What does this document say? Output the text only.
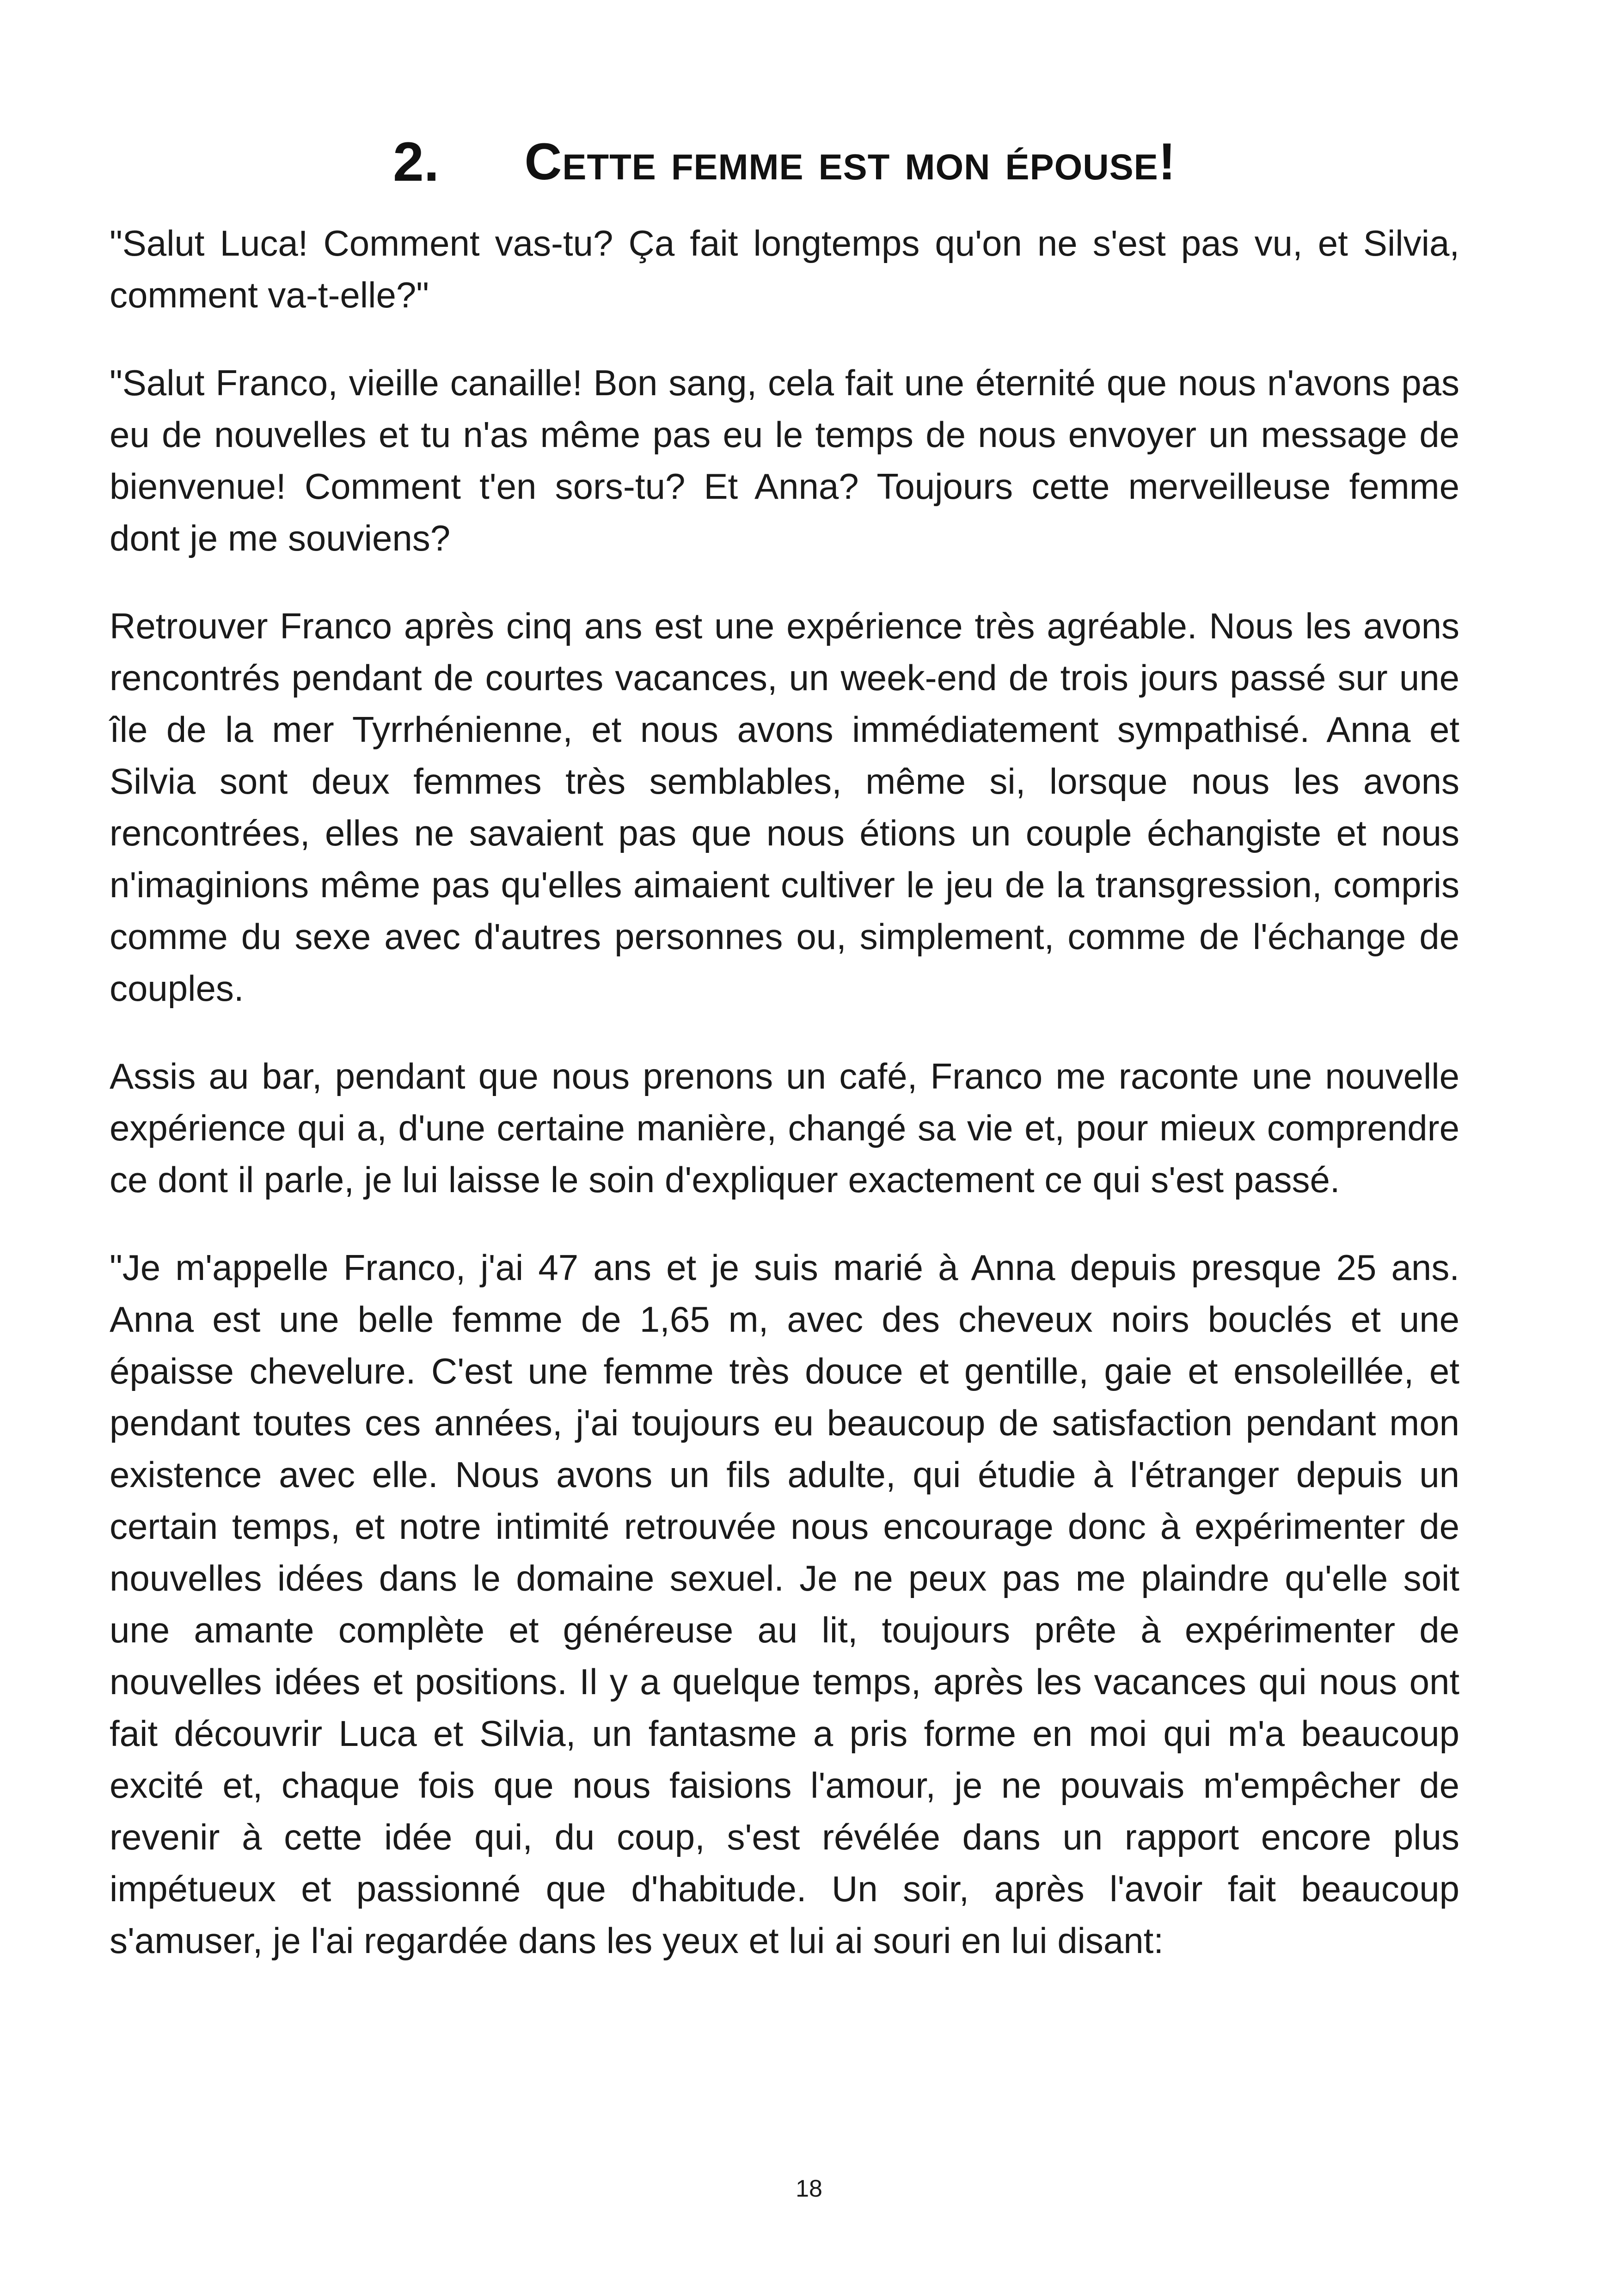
2. Cette femme est mon épouse!

"Salut Luca! Comment vas-tu? Ça fait longtemps qu'on ne s'est pas vu, et Silvia, comment va-t-elle?"

"Salut Franco, vieille canaille! Bon sang, cela fait une éternité que nous n'avons pas eu de nouvelles et tu n'as même pas eu le temps de nous envoyer un message de bienvenue! Comment t'en sors-tu? Et Anna? Toujours cette merveilleuse femme dont je me souviens?

Retrouver Franco après cinq ans est une expérience très agréable. Nous les avons rencontrés pendant de courtes vacances, un week-end de trois jours passé sur une île de la mer Tyrrhénienne, et nous avons immédiatement sympathisé. Anna et Silvia sont deux femmes très semblables, même si, lorsque nous les avons rencontrées, elles ne savaient pas que nous étions un couple échangiste et nous n'imaginions même pas qu'elles aimaient cultiver le jeu de la transgression, compris comme du sexe avec d'autres personnes ou, simplement, comme de l'échange de couples.

Assis au bar, pendant que nous prenons un café, Franco me raconte une nouvelle expérience qui a, d'une certaine manière, changé sa vie et, pour mieux comprendre ce dont il parle, je lui laisse le soin d'expliquer exactement ce qui s'est passé.

"Je m'appelle Franco, j'ai 47 ans et je suis marié à Anna depuis presque 25 ans. Anna est une belle femme de 1,65 m, avec des cheveux noirs bouclés et une épaisse chevelure. C'est une femme très douce et gentille, gaie et ensoleillée, et pendant toutes ces années, j'ai toujours eu beaucoup de satisfaction pendant mon existence avec elle. Nous avons un fils adulte, qui étudie à l'étranger depuis un certain temps, et notre intimité retrouvée nous encourage donc à expérimenter de nouvelles idées dans le domaine sexuel. Je ne peux pas me plaindre qu'elle soit une amante complète et généreuse au lit, toujours prête à expérimenter de nouvelles idées et positions. Il y a quelque temps, après les vacances qui nous ont fait découvrir Luca et Silvia, un fantasme a pris forme en moi qui m'a beaucoup excité et, chaque fois que nous faisions l'amour, je ne pouvais m'empêcher de revenir à cette idée qui, du coup, s'est révélée dans un rapport encore plus impétueux et passionné que d'habitude. Un soir, après l'avoir fait beaucoup s'amuser, je l'ai regardée dans les yeux et lui ai souri en lui disant:

18
